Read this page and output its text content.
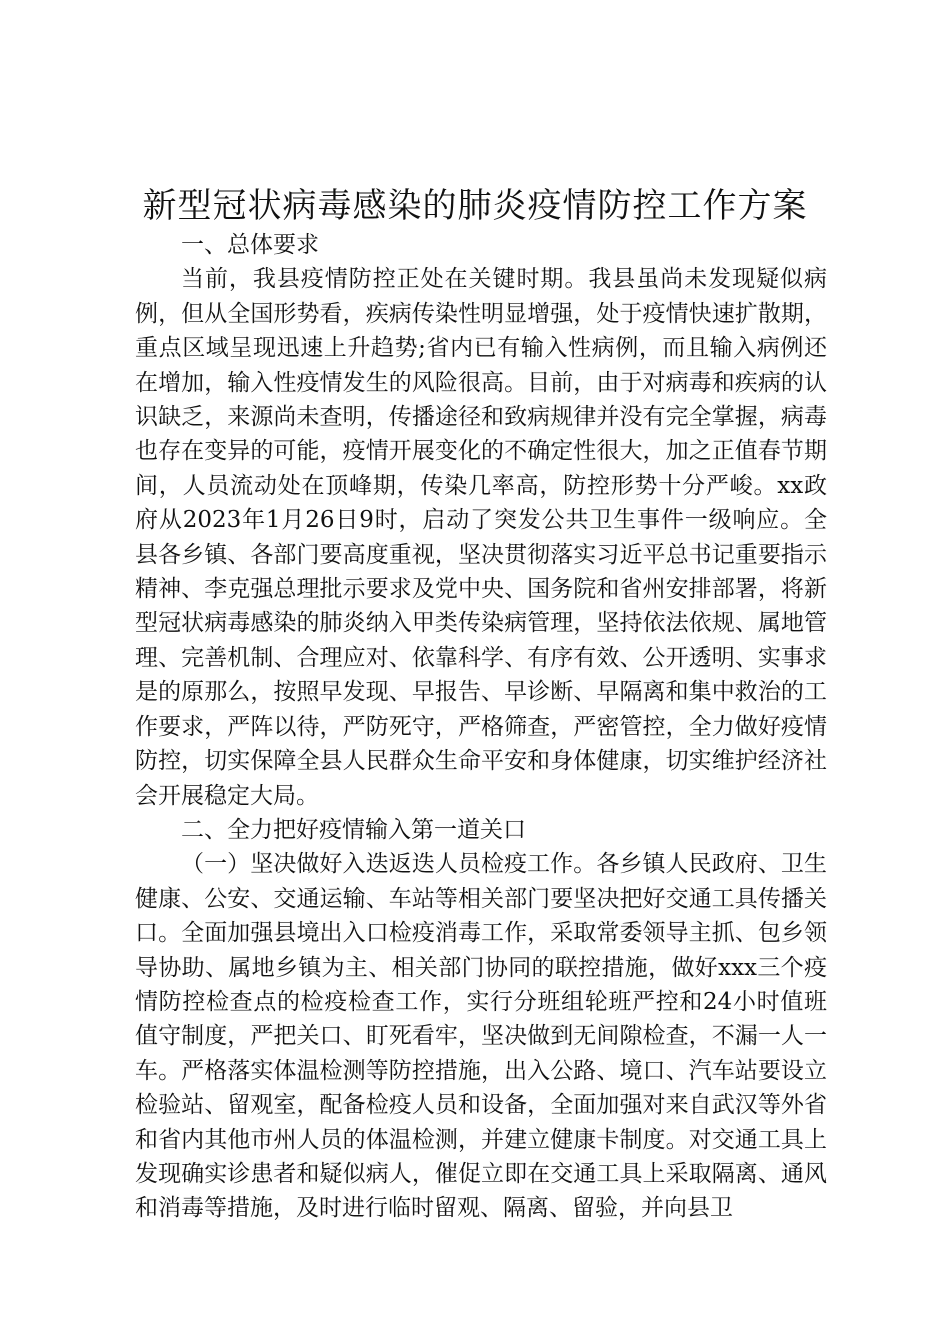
新型冠状病毒感染的肺炎疫情防控工作方案

一、总体要求

当前，我县疫情防控正处在关键时期。我县虽尚未发现疑似病例，但从全国形势看，疾病传染性明显增强，处于疫情快速扩散期，重点区域呈现迅速上升趋势;省内已有输入性病例，而且输入病例还在增加，输入性疫情发生的风险很高。目前，由于对病毒和疾病的认识缺乏，来源尚未查明，传播途径和致病规律并没有完全掌握，病毒也存在变异的可能，疫情开展变化的不确定性很大，加之正值春节期间，人员流动处在顶峰期，传染几率高，防控形势十分严峻。xx政府从2023年1月26日9时，启动了突发公共卫生事件一级响应。全县各乡镇、各部门要高度重视，坚决贯彻落实习近平总书记重要指示精神、李克强总理批示要求及党中央、国务院和省州安排部署，将新型冠状病毒感染的肺炎纳入甲类传染病管理，坚持依法依规、属地管理、完善机制、合理应对、依靠科学、有序有效、公开透明、实事求是的原那么，按照早发现、早报告、早诊断、早隔离和集中救治的工作要求，严阵以待，严防死守，严格筛查，严密管控，全力做好疫情防控，切实保障全县人民群众生命平安和身体健康，切实维护经济社会开展稳定大局。

二、全力把好疫情输入第一道关口

（一）坚决做好入迭返迭人员检疫工作。各乡镇人民政府、卫生健康、公安、交通运输、车站等相关部门要坚决把好交通工具传播关口。全面加强县境出入口检疫消毒工作，采取常委领导主抓、包乡领导协助、属地乡镇为主、相关部门协同的联控措施，做好xxx三个疫情防控检查点的检疫检查工作，实行分班组轮班严控和24小时值班值守制度，严把关口、盯死看牢，坚决做到无间隙检查，不漏一人一车。严格落实体温检测等防控措施，出入公路、境口、汽车站要设立检验站、留观室，配备检疫人员和设备，全面加强对来自武汉等外省和省内其他市州人员的体温检测，并建立健康卡制度。对交通工具上发现确实诊患者和疑似病人，催促立即在交通工具上采取隔离、通风和消毒等措施，及时进行临时留观、隔离、留验，并向县卫
